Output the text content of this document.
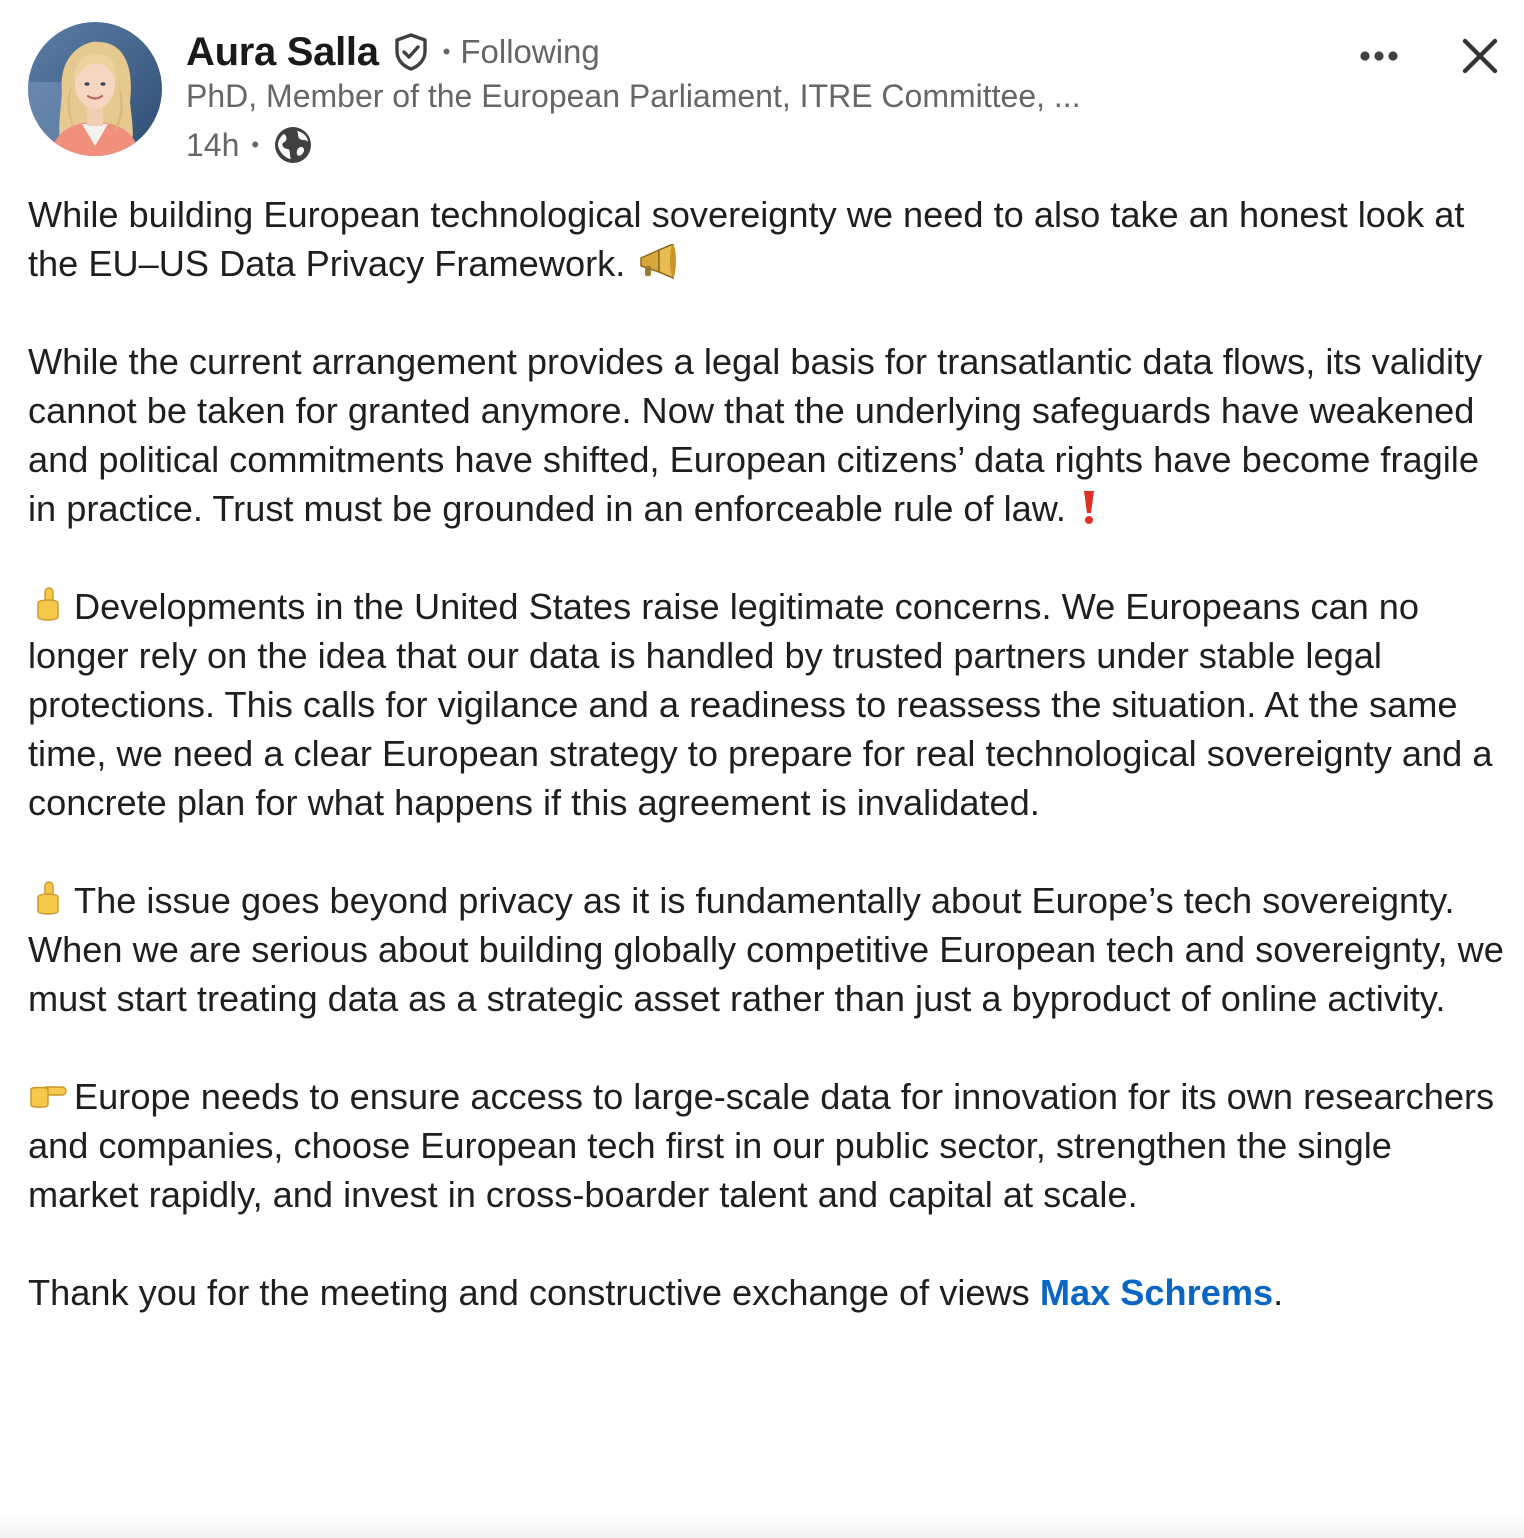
Aura Salla	• Following
PhD, Member of the European Parliament, ITRE Committee, ...
14h •

While building European technological sovereignty we need to also take an honest look at the EU–US Data Privacy Framework.

While the current arrangement provides a legal basis for transatlantic data flows, its validity cannot be taken for granted anymore. Now that the underlying safeguards have weakened and political commitments have shifted, European citizens’ data rights have become fragile in practice. Trust must be grounded in an enforceable rule of law.

Developments in the United States raise legitimate concerns. We Europeans can no longer rely on the idea that our data is handled by trusted partners under stable legal protections. This calls for vigilance and a readiness to reassess the situation. At the same time, we need a clear European strategy to prepare for real technological sovereignty and a concrete plan for what happens if this agreement is invalidated.

The issue goes beyond privacy as it is fundamentally about Europe’s tech sovereignty. When we are serious about building globally competitive European tech and sovereignty, we must start treating data as a strategic asset rather than just a byproduct of online activity.

Europe needs to ensure access to large-scale data for innovation for its own researchers and companies, choose European tech first in our public sector, strengthen the single market rapidly, and invest in cross-boarder talent and capital at scale.

Thank you for the meeting and constructive exchange of views Max Schrems.
